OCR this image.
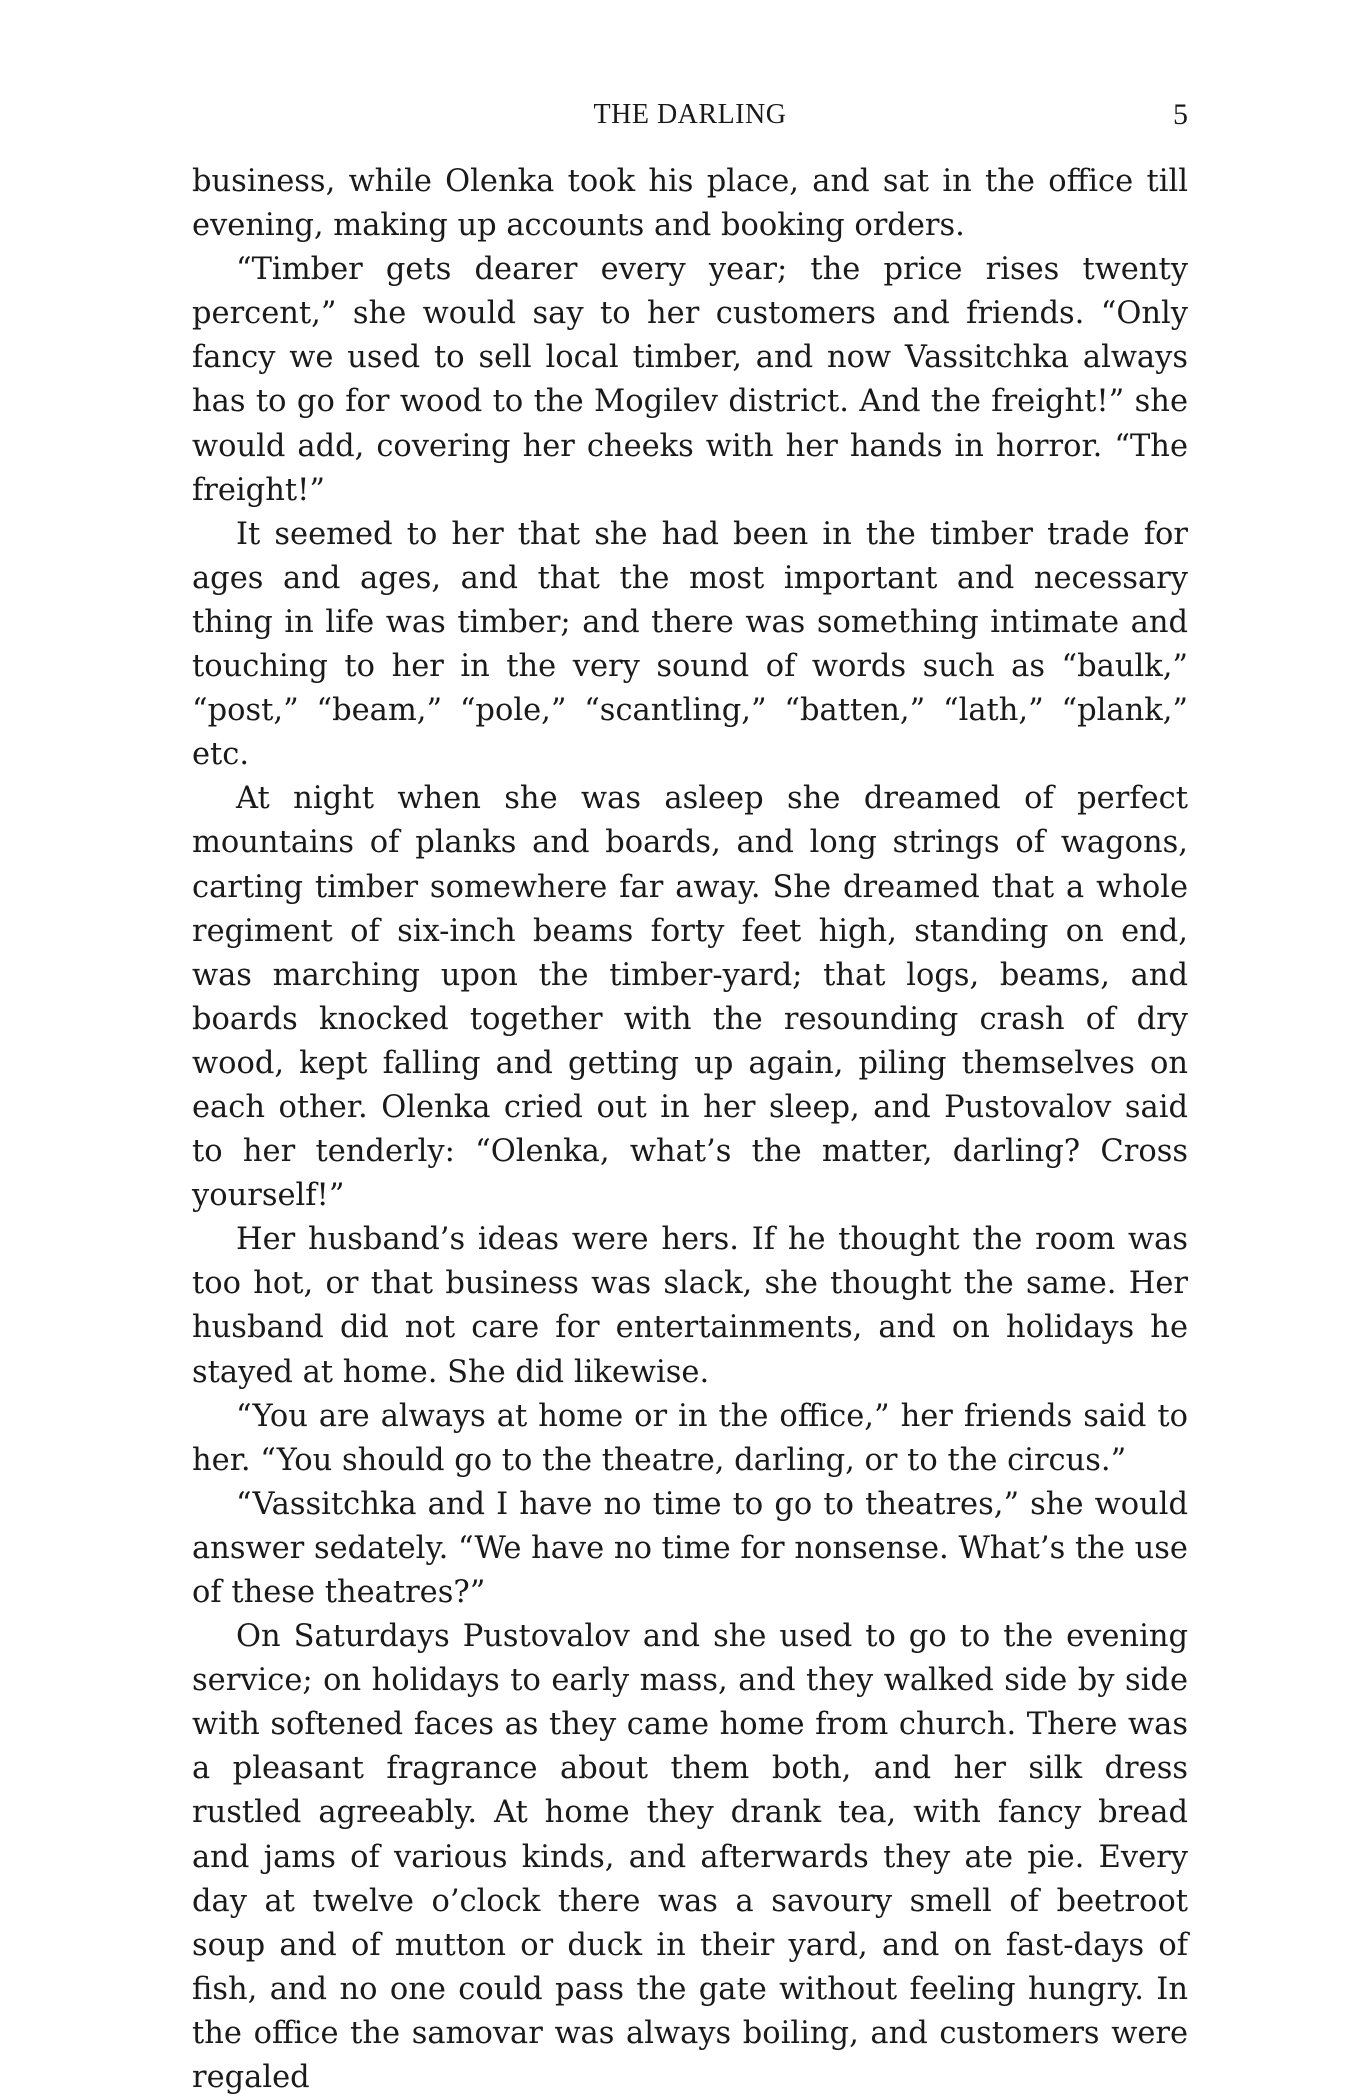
THE DARLING	5

business, while Olenka took his place, and sat in the office till evening, making up accounts and booking orders.

“Timber gets dearer every year; the price rises twenty percent,” she would say to her customers and friends. “Only fancy we used to sell local timber, and now Vassitchka always has to go for wood to the Mogilev district. And the freight!” she would add, covering her cheeks with her hands in horror. “The freight!”

It seemed to her that she had been in the timber trade for ages and ages, and that the most important and necessary thing in life was timber; and there was something intimate and touching to her in the very sound of words such as “baulk,” “post,” “beam,” “pole,” “scantling,” “batten,” “lath,” “plank,” etc.

At night when she was asleep she dreamed of perfect mountains of planks and boards, and long strings of wagons, carting timber somewhere far away. She dreamed that a whole regiment of six-inch beams forty feet high, standing on end, was marching upon the timber-yard; that logs, beams, and boards knocked together with the resounding crash of dry wood, kept falling and getting up again, piling themselves on each other. Olenka cried out in her sleep, and Pustovalov said to her tenderly: “Olenka, what’s the matter, darling? Cross yourself!”

Her husband’s ideas were hers. If he thought the room was too hot, or that business was slack, she thought the same. Her husband did not care for entertainments, and on holidays he stayed at home. She did likewise.

“You are always at home or in the office,” her friends said to her. “You should go to the theatre, darling, or to the circus.”

“Vassitchka and I have no time to go to theatres,” she would answer sedately. “We have no time for nonsense. What’s the use of these theatres?”

On Saturdays Pustovalov and she used to go to the evening service; on holidays to early mass, and they walked side by side with softened faces as they came home from church. There was a pleasant fragrance about them both, and her silk dress rustled agreeably. At home they drank tea, with fancy bread and jams of various kinds, and afterwards they ate pie. Every day at twelve o’clock there was a savoury smell of beetroot soup and of mutton or duck in their yard, and on fast-days of fish, and no one could pass the gate without feeling hungry. In the office the samovar was always boiling, and customers were regaled
